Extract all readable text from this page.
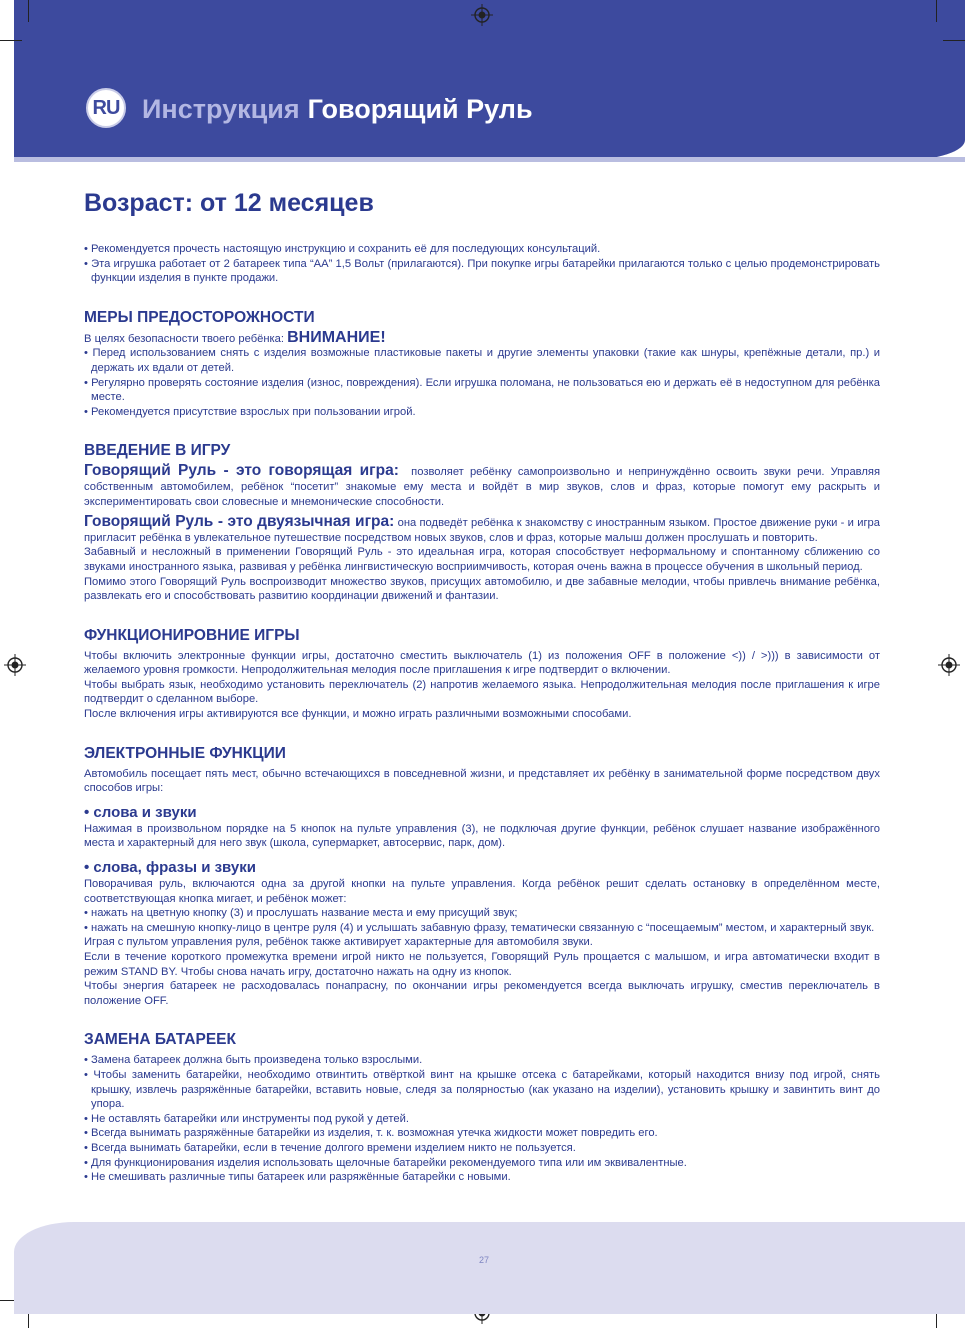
RU Инструкция Говорящий Руль
27
Возраст: от 12 месяцев

• Рекомендуется прочесть настоящую инструкцию и сохранить её для последующих консультаций.

• Эта игрушка работает от 2 батареек типа “АА” 1,5 Вольт (прилагаются). При покупке игры батарейки прилагаются только с целью продемонстрировать функции изделия в пункте продажи.

МЕРЫ ПРЕДОСТОРОЖНОСТИ

В целях безопасности твоего ребёнка: ВНИМАНИЕ!

• Перед использованием снять с изделия возможные пластиковые пакеты и другие элементы упаковки (такие как шнуры, крепёжные детали, пр.) и держать их вдали от детей.

• Регулярно проверять состояние изделия (износ, повреждения). Если игрушка поломана, не пользоваться ею и держать её в недоступном для ребёнка месте.

• Рекомендуется присутствие взрослых при пользовании игрой.

ВВЕДЕНИЕ В ИГРУ

Говорящий Руль - это говорящая игра: позволяет ребёнку самопроизвольно и непринуждённо освоить звуки речи. Управляя собственным автомобилем, ребёнок “посетит” знакомые ему места и войдёт в мир звуков, слов и фраз, которые помогут ему раскрыть и экспериментировать свои словесные и мнемонические способности.

Говорящий Руль - это двуязычная игра: она подведёт ребёнка к знакомству с иностранным языком. Простое движение руки - и игра пригласит ребёнка в увлекательное путешествие посредством новых звуков, слов и фраз, которые малыш должен прослушать и повторить.

Забавный и несложный в применении Говорящий Руль - это идеальная игра, которая способствует неформальному и спонтанному сближению со звуками иностранного языка, развивая у ребёнка лингвистическую восприимчивость, которая очень важна в процессе обучения в школьный период.

Помимо этого Говорящий Руль воспроизводит множество звуков, присущих автомобилю, и две забавные мелодии, чтобы привлечь внимание ребёнка, развлекать его и способствовать развитию координации движений и фантазии.

ФУНКЦИОНИРОВНИЕ ИГРЫ

Чтобы включить электронные функции игры, достаточно сместить выключатель (1) из положения OFF в положение <)) / >))) в зависимости от желаемого уровня громкости. Непродолжительная мелодия после приглашения к игре подтвердит о включении.

Чтобы выбрать язык, необходимо установить переключатель (2) напротив желаемого языка. Непродолжительная мелодия после приглашения к игре подтвердит о сделанном выборе.

После включения игры активируются все функции, и можно играть различными возможными способами.

ЭЛЕКТРОННЫЕ ФУНКЦИИ

Автомобиль посещает пять мест, обычно встечающихся в повседневной жизни, и представляет их ребёнку в занимательной форме посредством двух способов игры:

• слова и звуки

Нажимая в произвольном порядке на 5 кнопок на пульте управления (3), не подключая другие функции, ребёнок слушает название изображённого места и характерный для него звук (школа, супермаркет, автосервис, парк, дом).

• слова, фразы и звуки

Поворачивая руль, включаются одна за другой кнопки на пульте управления. Когда ребёнок решит сделать остановку в определённом месте, соответствующая кнопка мигает, и ребёнок может:

• нажать на цветную кнопку (3) и прослушать название места и ему присущий звук;

• нажать на смешную кнопку-лицо в центре руля (4) и услышать забавную фразу, тематически связанную с “посещаемым” местом, и характерный звук.

Играя с пультом управления руля, ребёнок также активирует характерные для автомобиля звуки.

Если в течение короткого промежутка времени игрой никто не пользуется, Говорящий Руль прощается с малышом, и игра автоматически входит в режим STAND BY. Чтобы снова начать игру, достаточно нажать на одну из кнопок.

Чтобы энергия батареек не расходовалась понапрасну, по окончании игры рекомендуется всегда выключать игрушку, сместив переключатель в положение OFF.

ЗАМЕНА БАТАРЕЕК

• Замена батареек должна быть произведена только взрослыми.

• Чтобы заменить батарейки, необходимо отвинтить отвёрткой винт на крышке отсека с батарейками, который находится внизу под игрой, снять крышку, извлечь разряжённые батарейки, вставить новые, следя за полярностью (как указано на изделии), установить крышку и завинтить винт до упора.

• Не оставлять батарейки или инструменты под рукой у детей.

• Всегда вынимать разряжённые батарейки из изделия, т. к. возможная утечка жидкости может повредить его.

• Всегда вынимать батарейки, если в течение долгого времени изделием никто не пользуется.

• Для функционирования изделия использовать щелочные батарейки рекомендуемого типа или им эквивалентные.

• Не смешивать различные типы батареек или разряжённые батарейки с новыми.
